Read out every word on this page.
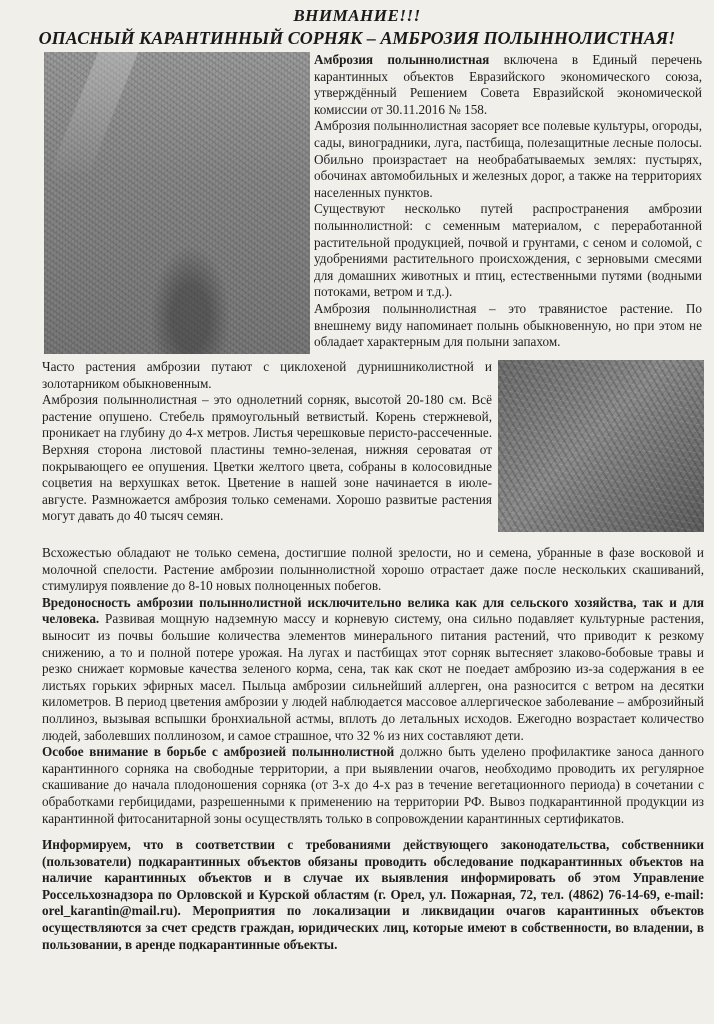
ВНИМАНИЕ!!!
ОПАСНЫЙ КАРАНТИННЫЙ СОРНЯК – АМБРОЗИЯ ПОЛЫННОЛИСТНАЯ!

Амброзия полыннолистная включена в Единый перечень карантинных объектов Евразийского экономического союза, утверждённый Решением Совета Евразийской экономической комиссии от 30.11.2016 № 158.

Амброзия полыннолистная засоряет все полевые культуры, огороды, сады, виноградники, луга, пастбища, полезащитные лесные полосы. Обильно произрастает на необрабатываемых землях: пустырях, обочинах автомобильных и железных дорог, а также на территориях населенных пунктов.

Существуют несколько путей распространения амброзии полыннолистной: с семенным материалом, с переработанной растительной продукцией, почвой и грунтами, с сеном и соломой, с удобрениями растительного происхождения, с зерновыми смесями для домашних животных и птиц, естественными путями (водными потоками, ветром и т.д.).

Амброзия полыннолистная – это травянистое растение. По внешнему виду напоминает полынь обыкновенную, но при этом не обладает характерным для полыни запахом.

Часто растения амброзии путают с циклохеной дурнишниколистной и золотарником обыкновенным.

Амброзия полыннолистная – это однолетний сорняк, высотой 20-180 см. Всё растение опушено. Стебель прямоугольный ветвистый. Корень стержневой, проникает на глубину до 4-х метров. Листья черешковые перисто-рассеченные. Верхняя сторона листовой пластины темно-зеленая, нижняя сероватая от покрывающего ее опушения. Цветки желтого цвета, собраны в колосовидные соцветия на верхушках веток. Цветение в нашей зоне начинается в июле-августе. Размножается амброзия только семенами. Хорошо развитые растения могут давать до 40 тысяч семян.

Всхожестью обладают не только семена, достигшие полной зрелости, но и семена, убранные в фазе восковой и молочной спелости. Растение амброзии полыннолистной хорошо отрастает даже после нескольких скашиваний, стимулируя появление до 8-10 новых полноценных побегов.

Вредоносность амброзии полыннолистной исключительно велика как для сельского хозяйства, так и для человека. Развивая мощную надземную массу и корневую систему, она сильно подавляет культурные растения, выносит из почвы большие количества элементов минерального питания растений, что приводит к резкому снижению, а то и полной потере урожая. На лугах и пастбищах этот сорняк вытесняет злаково-бобовые травы и резко снижает кормовые качества зеленого корма, сена, так как скот не поедает амброзию из-за содержания в ее листьях горьких эфирных масел. Пыльца амброзии сильнейший аллерген, она разносится с ветром на десятки километров. В период цветения амброзии у людей наблюдается массовое аллергическое заболевание – амброзийный поллиноз, вызывая вспышки бронхиальной астмы, вплоть до летальных исходов. Ежегодно возрастает количество людей, заболевших поллинозом, и самое страшное, что 32 % из них составляют дети.

Особое внимание в борьбе с амброзией полыннолистной должно быть уделено профилактике заноса данного карантинного сорняка на свободные территории, а при выявлении очагов, необходимо проводить их регулярное скашивание до начала плодоношения сорняка (от 3-х до 4-х раз в течение вегетационного периода) в сочетании с обработками гербицидами, разрешенными к применению на территории РФ. Вывоз подкарантинной продукции из карантинной фитосанитарной зоны осуществлять только в сопровождении карантинных сертификатов.

Информируем, что в соответствии с требованиями действующего законодательства, собственники (пользователи) подкарантинных объектов обязаны проводить обследование подкарантинных объектов на наличие карантинных объектов и в случае их выявления информировать об этом Управление Россельхознадзора по Орловской и Курской областям (г. Орел, ул. Пожарная, 72, тел. (4862) 76-14-69, e-mail: orel_karantin@mail.ru). Мероприятия по локализации и ликвидации очагов карантинных объектов осуществляются за счет средств граждан, юридических лиц, которые имеют в собственности, во владении, в пользовании, в аренде подкарантинные объекты.
